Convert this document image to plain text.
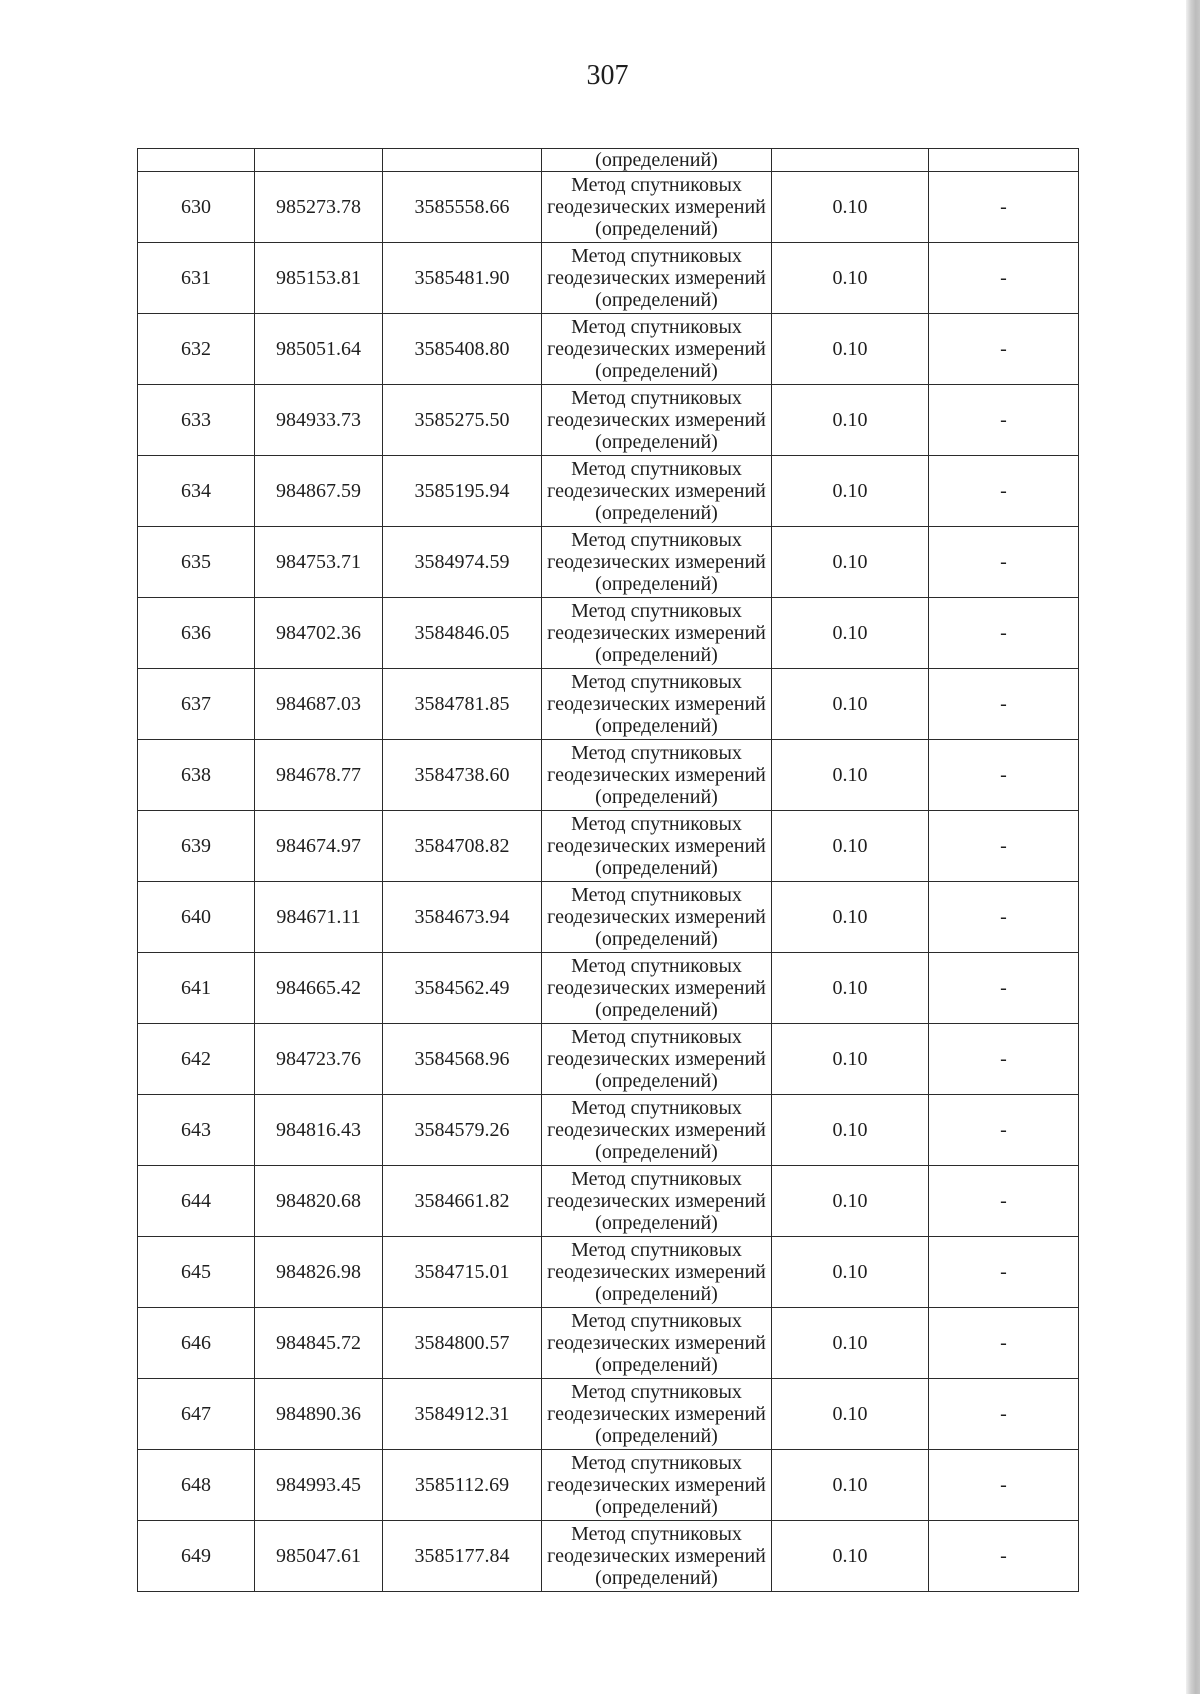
307
			(определений)		
630	985273.78	3585558.66	Метод спутниковых
геодезических измерений
(определений)	0.10	-
631	985153.81	3585481.90	Метод спутниковых
геодезических измерений
(определений)	0.10	-
632	985051.64	3585408.80	Метод спутниковых
геодезических измерений
(определений)	0.10	-
633	984933.73	3585275.50	Метод спутниковых
геодезических измерений
(определений)	0.10	-
634	984867.59	3585195.94	Метод спутниковых
геодезических измерений
(определений)	0.10	-
635	984753.71	3584974.59	Метод спутниковых
геодезических измерений
(определений)	0.10	-
636	984702.36	3584846.05	Метод спутниковых
геодезических измерений
(определений)	0.10	-
637	984687.03	3584781.85	Метод спутниковых
геодезических измерений
(определений)	0.10	-
638	984678.77	3584738.60	Метод спутниковых
геодезических измерений
(определений)	0.10	-
639	984674.97	3584708.82	Метод спутниковых
геодезических измерений
(определений)	0.10	-
640	984671.11	3584673.94	Метод спутниковых
геодезических измерений
(определений)	0.10	-
641	984665.42	3584562.49	Метод спутниковых
геодезических измерений
(определений)	0.10	-
642	984723.76	3584568.96	Метод спутниковых
геодезических измерений
(определений)	0.10	-
643	984816.43	3584579.26	Метод спутниковых
геодезических измерений
(определений)	0.10	-
644	984820.68	3584661.82	Метод спутниковых
геодезических измерений
(определений)	0.10	-
645	984826.98	3584715.01	Метод спутниковых
геодезических измерений
(определений)	0.10	-
646	984845.72	3584800.57	Метод спутниковых
геодезических измерений
(определений)	0.10	-
647	984890.36	3584912.31	Метод спутниковых
геодезических измерений
(определений)	0.10	-
648	984993.45	3585112.69	Метод спутниковых
геодезических измерений
(определений)	0.10	-
649	985047.61	3585177.84	Метод спутниковых
геодезических измерений
(определений)	0.10	-
